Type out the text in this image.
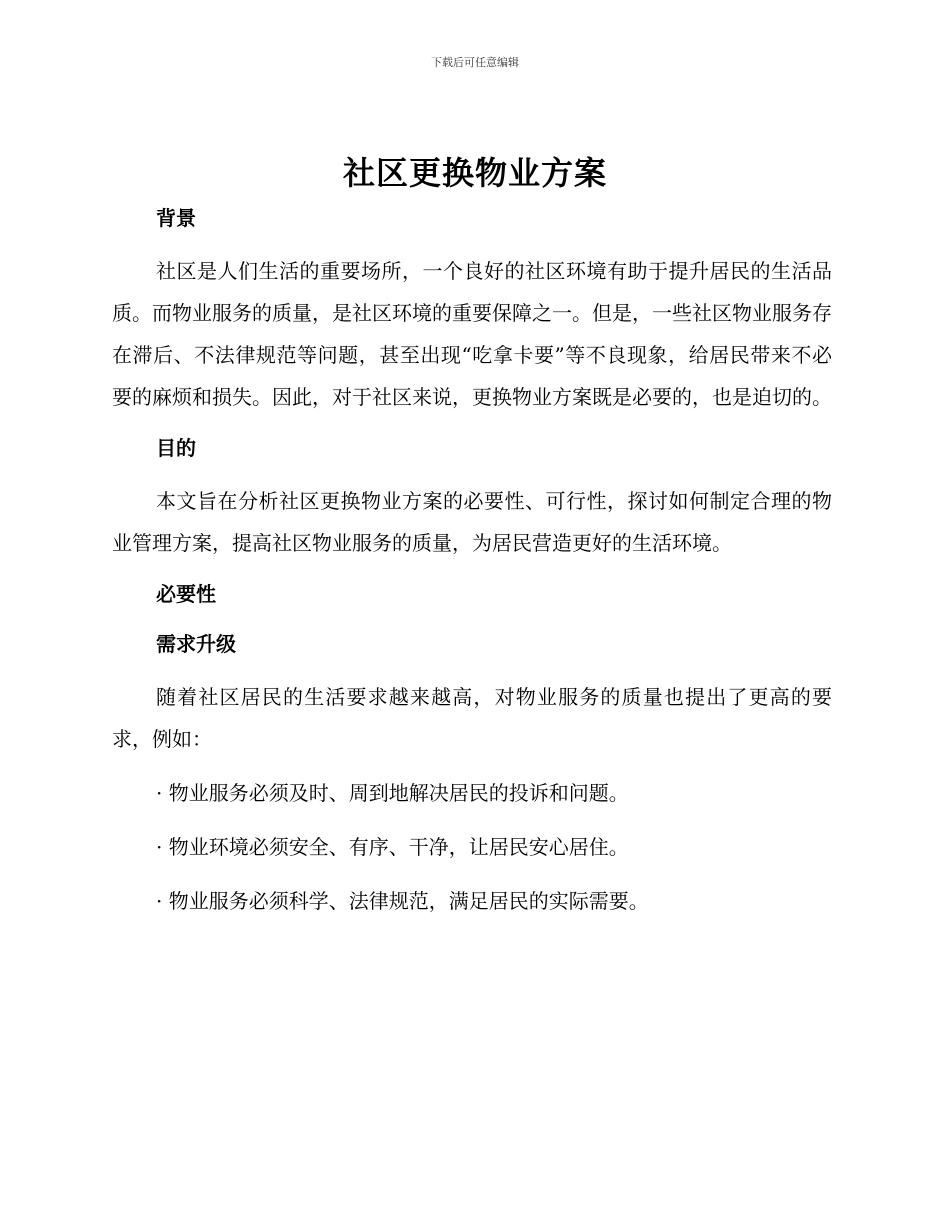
下载后可任意编辑
社区更换物业方案

背景

社区是人们生活的重要场所，一个良好的社区环境有助于提升居民的生活品质。而物业服务的质量，是社区环境的重要保障之一。但是，一些社区物业服务存在滞后、不法律规范等问题，甚至出现“吃拿卡要”等不良现象，给居民带来不必要的麻烦和损失。因此，对于社区来说，更换物业方案既是必要的，也是迫切的。

目的

本文旨在分析社区更换物业方案的必要性、可行性，探讨如何制定合理的物业管理方案，提高社区物业服务的质量，为居民营造更好的生活环境。

必要性

需求升级

随着社区居民的生活要求越来越高，对物业服务的质量也提出了更高的要求，例如：

· 物业服务必须及时、周到地解决居民的投诉和问题。

· 物业环境必须安全、有序、干净，让居民安心居住。

· 物业服务必须科学、法律规范，满足居民的实际需要。
